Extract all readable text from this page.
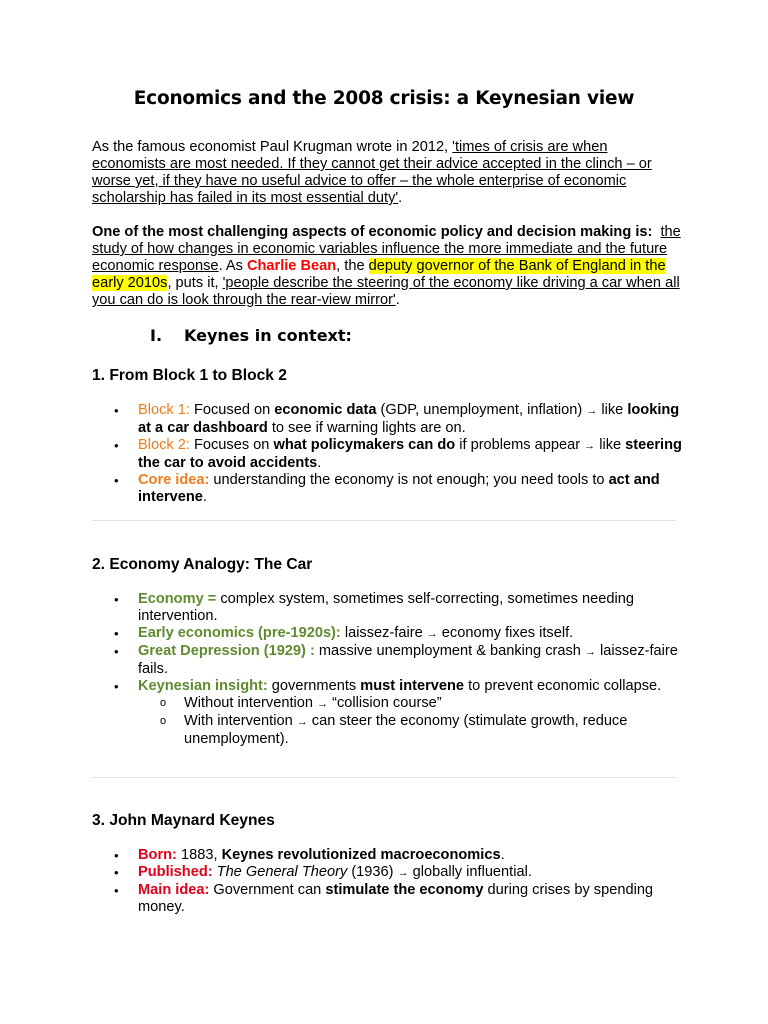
Economics and the 2008 crisis: a Keynesian view

As the famous economist Paul Krugman wrote in 2012, 'times of crisis are when economists are most needed. If they cannot get their advice accepted in the clinch – or worse yet, if they have no useful advice to offer – the whole enterprise of economic scholarship has failed in its most essential duty'.

One of the most challenging aspects of economic policy and decision making is: the study of how changes in economic variables influence the more immediate and the future economic response. As Charlie Bean, the deputy governor of the Bank of England in the early 2010s, puts it, 'people describe the steering of the economy like driving a car when all you can do is look through the rear-view mirror'.

I. Keynes in context:
1. From Block 1 to Block 2
• Block 1: Focused on economic data (GDP, unemployment, inflation) → like looking at a car dashboard to see if warning lights are on.
• Block 2: Focuses on what policymakers can do if problems appear → like steering the car to avoid accidents.
• Core idea: understanding the economy is not enough; you need tools to act and intervene.
2. Economy Analogy: The Car
• Economy = complex system, sometimes self-correcting, sometimes needing intervention.
• Early economics (pre-1920s): laissez-faire → economy fixes itself.
• Great Depression (1929) : massive unemployment & banking crash → laissez-faire fails.
• Keynesian insight: governments must intervene to prevent economic collapse.
o Without intervention → “collision course”
o With intervention → can steer the economy (stimulate growth, reduce unemployment).
3. John Maynard Keynes
• Born: 1883, Keynes revolutionized macroeconomics.
• Published: The General Theory (1936) → globally influential.
• Main idea: Government can stimulate the economy during crises by spending money.
